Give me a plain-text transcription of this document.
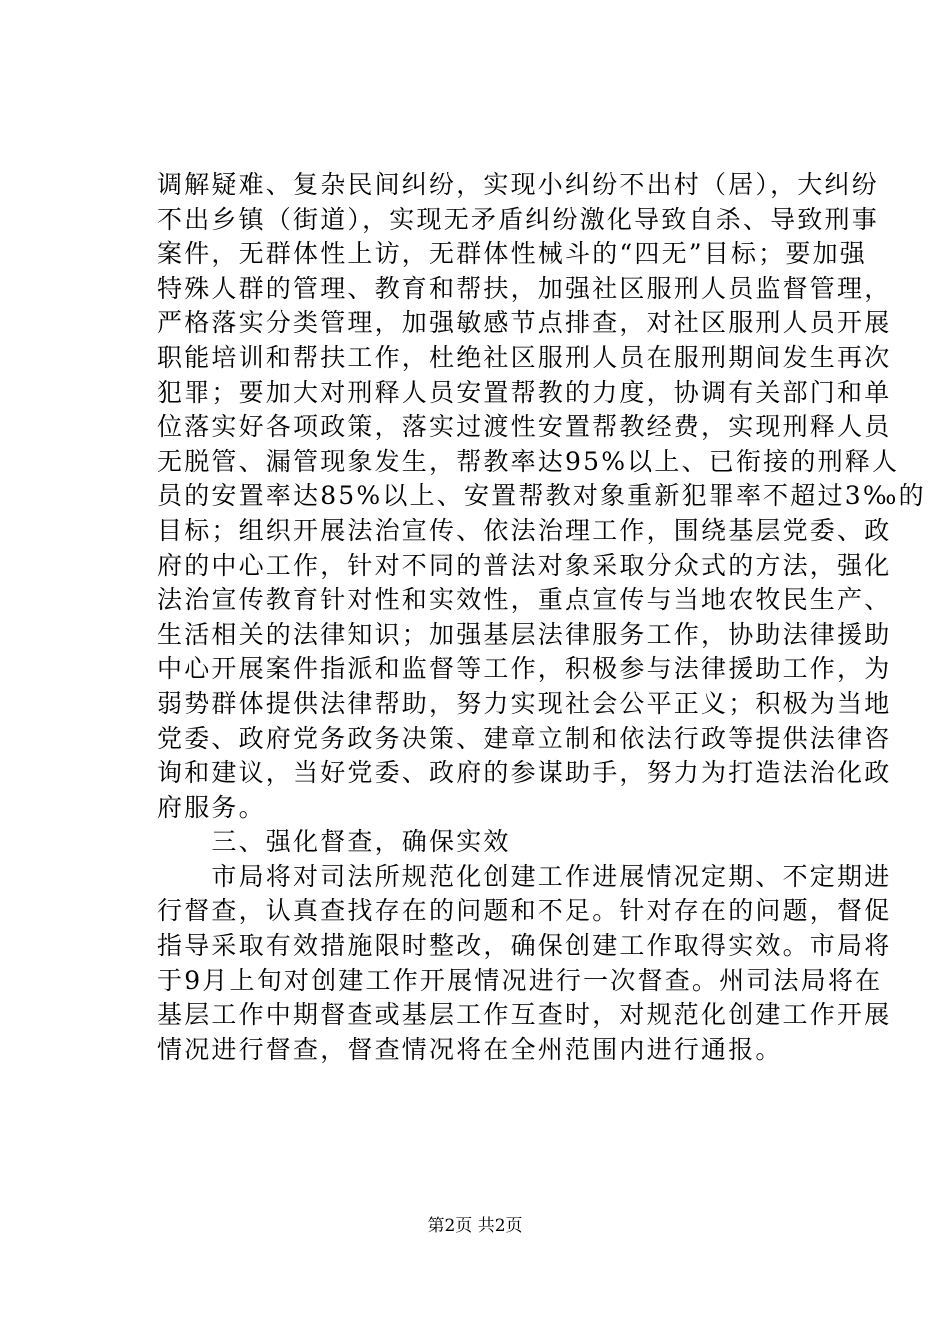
调解疑难、复杂民间纠纷，实现小纠纷不出村（居），大纠纷
不出乡镇（街道），实现无矛盾纠纷激化导致自杀、导致刑事
案件，无群体性上访，无群体性械斗的“四无”目标；要加强
特殊人群的管理、教育和帮扶，加强社区服刑人员监督管理，
严格落实分类管理，加强敏感节点排查，对社区服刑人员开展
职能培训和帮扶工作，杜绝社区服刑人员在服刑期间发生再次
犯罪；要加大对刑释人员安置帮教的力度，协调有关部门和单
位落实好各项政策，落实过渡性安置帮教经费，实现刑释人员
无脱管、漏管现象发生，帮教率达95%以上、已衔接的刑释人
员的安置率达85%以上、安置帮教对象重新犯罪率不超过3‰的
目标；组织开展法治宣传、依法治理工作，围绕基层党委、政
府的中心工作，针对不同的普法对象采取分众式的方法，强化
法治宣传教育针对性和实效性，重点宣传与当地农牧民生产、
生活相关的法律知识；加强基层法律服务工作，协助法律援助
中心开展案件指派和监督等工作，积极参与法律援助工作，为
弱势群体提供法律帮助，努力实现社会公平正义；积极为当地
党委、政府党务政务决策、建章立制和依法行政等提供法律咨
询和建议，当好党委、政府的参谋助手，努力为打造法治化政
府服务。
　　三、强化督查，确保实效
　　市局将对司法所规范化创建工作进展情况定期、不定期进
行督查，认真查找存在的问题和不足。针对存在的问题，督促
指导采取有效措施限时整改，确保创建工作取得实效。市局将
于9月上旬对创建工作开展情况进行一次督查。州司法局将在
基层工作中期督查或基层工作互查时，对规范化创建工作开展
情况进行督查，督查情况将在全州范围内进行通报。
第2页 共2页
